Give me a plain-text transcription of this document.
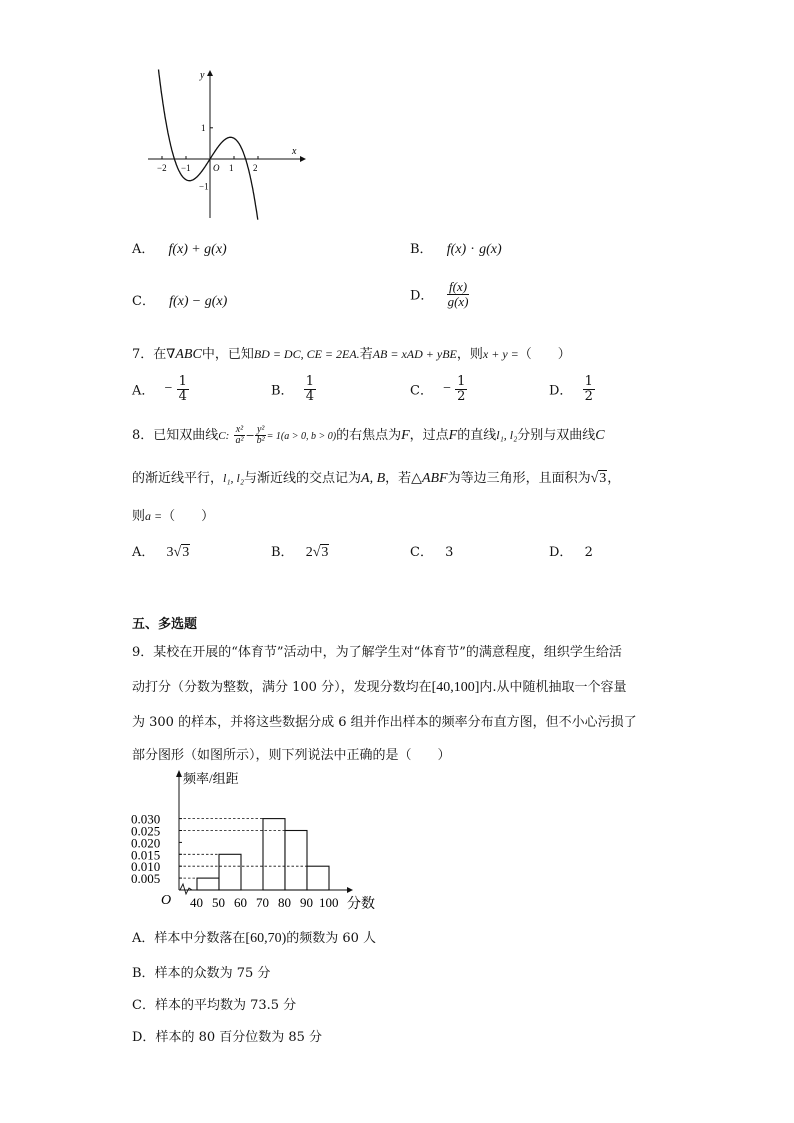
x
y
−2 −1 O 1 2
1
−1
A． f(x) + g(x)	B． f(x) · g(x)
C． f(x) − g(x)	D． $\frac{f(x)}{g(x)}$
7．在∇ABC中，已知BD = DC, CE = 2EA.若AB = xAD + yBE，则x + y =（　　）
A． − $\frac{1}{4}$	B． $\frac{1}{4}$	C． − $\frac{1}{2}$	D． $\frac{1}{2}$
8．已知双曲线C: $\frac{\text{x²}}{\text{a²}} - \frac{\text{y²}}{\text{b²}} = 1(a > 0$, b > 0)的右焦点为F，过点F的直线l₁, l₂分别与双曲线C
的渐近线平行，l₁, l₂与渐近线的交点记为A, B，若△ABF为等边三角形，且面积为√3，
则a =（　　）
A． 3√3	B． 2√3	C． 3	D． 2
五、多选题
9．某校在开展的“体育节”活动中，为了解学生对“体育节”的满意程度，组织学生给活
动打分（分数为整数，满分 100 分），发现分数均在[40,100]内.从中随机抽取一个容量
为 300 的样本，并将这些数据分成 6 组并作出样本的频率分布直方图，但不小心污损了
部分图形（如图所示），则下列说法中正确的是（　　）
频率/组距
0.030
0.025
0.020
0.015
0.010
0.005
40 50 60 70 80 90 100 分数
O
A．样本中分数落在[60,70)的频数为 60 人
B．样本的众数为 75 分
C．样本的平均数为 73.5 分
D．样本的 80 百分位数为 85 分
